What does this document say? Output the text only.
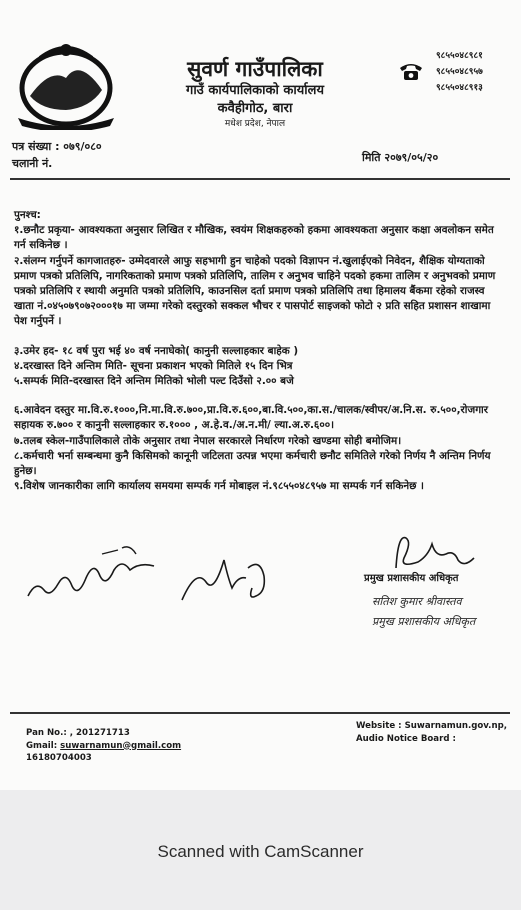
सुवर्ण गाउँपालिका
गाउँ कार्यपालिकाको कार्यालय
कवैहीगोठ, बारा
मधेश प्रदेश, नेपाल
९८५५०४८९८१
९८५५०४८९५७
९८५५०४८९१३
पत्र संख्या : ०७९/०८०
चलानी नं.	मिति २०७९/०५/२०

पुनश्च:

१.छनौट प्रकृया- आवश्यकता अनुसार लिखित र मौखिक, स्वयंम शिक्षकहरुको हकमा आवश्यकता अनुसार कक्षा अवलोकन समेत गर्न सकिनेछ ।

२.संलग्न गर्नुपर्ने कागजातहरु- उम्मेदवारले आफु सहभागी हुन चाहेको पदको विज्ञापन नं.खुलाईएको निवेदन, शैक्षिक योग्यताको प्रमाण पत्रको प्रतिलिपि, नागरिकताको प्रमाण पत्रको प्रतिलिपि, तालिम र अनुभव चाहिने पदको हकमा तालिम र अनुभवको प्रमाण पत्रको प्रतिलिपि र स्थायी अनुमति पत्रको प्रतिलिपि, काउनसिल दर्ता प्रमाण पत्रको प्रतिलिपि तथा हिमालय बैंकमा रहेको राजस्व खाता नं.०४५०७९०७२०००१७ मा जम्मा गरेको दस्तुरको सक्कल भौचर र पासपोर्ट साइजको फोटो २ प्रति सहित प्रशासन शाखामा पेश गर्नुपर्ने ।

३.उमेर हद- १८ वर्ष पुरा भई ४० वर्ष ननाघेको( कानुनी सल्लाहकार बाहेक )

४.दरखास्त दिने अन्तिम मिति- सूचना प्रकाशन भएको मितिले १५ दिन भित्र

५.सम्पर्क मिति-दरखास्त दिने अन्तिम मितिको भोली पल्ट दिउँसो २.०० बजे

६.आवेदन दस्तुर मा.वि.रु.१०००,नि.मा.वि.रु.७००,प्रा.वि.रु.६००,बा.वि.५००,का.स./चालक/स्वीपर/अ.नि.स. रु.५००,रोजगार सहायक रु.७०० र कानुनी सल्लाहकार रु.१००० , अ.हे.व./अ.न.मी/ ल्या.अ.रु.६००।

७.तलब स्केल-गाउँपालिकाले तोके अनुसार तथा नेपाल सरकारले निर्धारण गरेको खण्डमा सोही बमोजिम।

८.कर्मचारी भर्ना सम्बन्धमा कुनै किसिमको कानूनी जटिलता उत्पन्न भएमा कर्मचारी छनौट समितिले गरेको निर्णय नै अन्तिम निर्णय हुनेछ।

९.विशेष जानकारीका लागि कार्यालय समयमा सम्पर्क गर्न मोबाइल नं.९८५५०४८९५७ मा सम्पर्क गर्न सकिनेछ ।

प्रमुख प्रशासकीय अधिकृत
सतिश कुमार श्रीवास्तव
प्रमुख प्रशासकीय अधिकृत
Pan No.: , 201271713
Gmail: suwarnamun@gmail.com
16180704003
Website : Suwarnamun.gov.np,
Audio Notice Board :
Scanned with CamScanner
